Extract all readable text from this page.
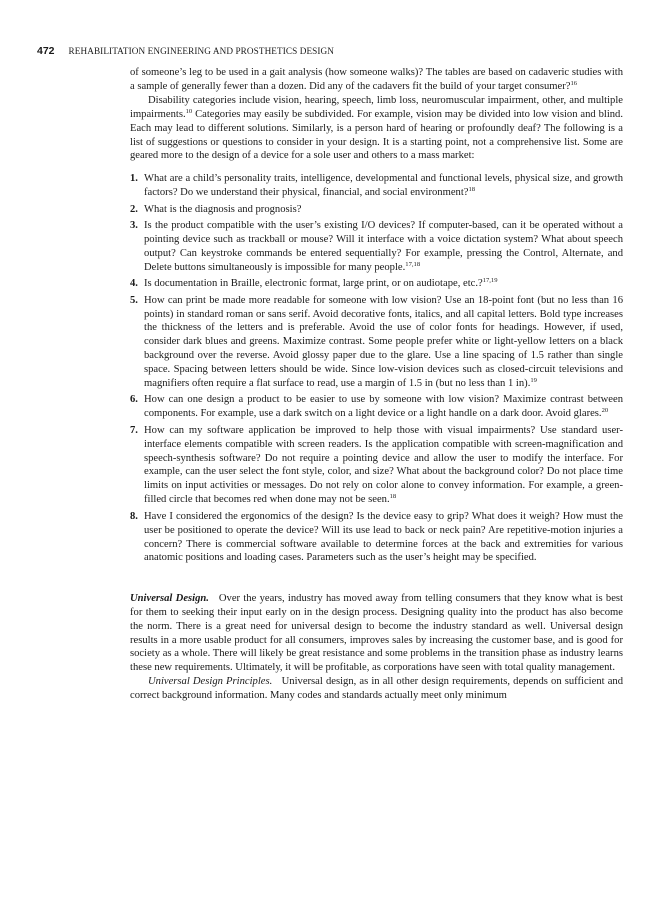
472 REHABILITATION ENGINEERING AND PROSTHETICS DESIGN

of someone’s leg to be used in a gait analysis (how someone walks)? The tables are based on cadaveric studies with a sample of generally fewer than a dozen. Did any of the cadavers fit the build of your target consumer?$^{16}$

Disability categories include vision, hearing, speech, limb loss, neuromuscular impairment, other, and multiple impairments.$^{10}$ Categories may easily be subdivided. For example, vision may be divided into low vision and blind. Each may lead to different solutions. Similarly, is a person hard of hearing or profoundly deaf? The following is a list of suggestions or questions to consider in your design. It is a starting point, not a comprehensive list. Some are geared more to the design of a device for a sole user and others to a mass market:

1. What are a child’s personality traits, intelligence, developmental and functional levels, physical size, and growth factors? Do we understand their physical, financial, and social environment?$^{18}$
2. What is the diagnosis and prognosis?
3. Is the product compatible with the user’s existing I/O devices? If computer-based, can it be operated without a pointing device such as trackball or mouse? Will it interface with a voice dictation system? What about speech output? Can keystroke commands be entered sequentially? For example, pressing the Control, Alternate, and Delete buttons simultaneously is impossible for many people.$^{17,18}$
4. Is documentation in Braille, electronic format, large print, or on audiotape, etc.?$^{17,19}$
5. How can print be made more readable for someone with low vision? Use an 18-point font (but no less than 16 points) in standard roman or sans serif. Avoid decorative fonts, italics, and all capital letters. Bold type increases the thickness of the letters and is preferable. Avoid the use of color fonts for headings. However, if used, consider dark blues and greens. Maximize contrast. Some people prefer white or light-yellow letters on a black background over the reverse. Avoid glossy paper due to the glare. Use a line spacing of 1.5 rather than single space. Spacing between letters should be wide. Since low-vision devices such as closed-circuit televisions and magnifiers often require a flat surface to read, use a margin of 1.5 in (but no less than 1 in).$^{19}$
6. How can one design a product to be easier to use by someone with low vision? Maximize contrast between components. For example, use a dark switch on a light device or a light handle on a dark door. Avoid glares.$^{20}$
7. How can my software application be improved to help those with visual impairments? Use standard user-interface elements compatible with screen readers. Is the application compatible with screen-magnification and speech-synthesis software? Do not require a pointing device and allow the user to modify the interface. For example, can the user select the font style, color, and size? What about the background color? Do not place time limits on input activities or messages. Do not rely on color alone to convey information. For example, a green-filled circle that becomes red when done may not be seen.$^{18}$
8. Have I considered the ergonomics of the design? Is the device easy to grip? What does it weigh? How must the user be positioned to operate the device? Will its use lead to back or neck pain? Are repetitive-motion injuries a concern? There is commercial software available to determine forces at the back and extremities for various anatomic positions and loading cases. Parameters such as the user’s height may be specified.

Universal Design. Over the years, industry has moved away from telling consumers that they know what is best for them to seeking their input early on in the design process. Designing quality into the product has also become the norm. There is a great need for universal design to become the industry standard as well. Universal design results in a more usable product for all consumers, improves sales by increasing the customer base, and is good for society as a whole. There will likely be great resistance and some problems in the transition phase as industry learns these new requirements. Ultimately, it will be profitable, as corporations have seen with total quality management.

Universal Design Principles. Universal design, as in all other design requirements, depends on sufficient and correct background information. Many codes and standards actually meet only minimum
